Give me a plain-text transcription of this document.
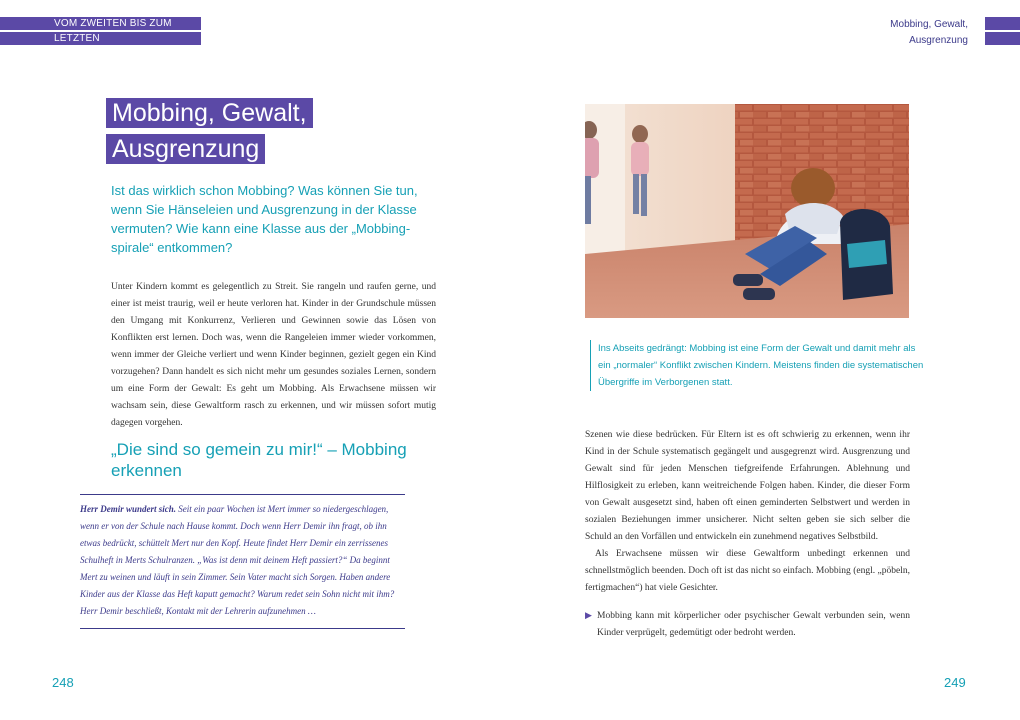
VOM ZWEITEN BIS ZUM
LETZTEN GRUNDSCHULJAHR
Mobbing, Gewalt,
Ausgrenzung
Mobbing, Gewalt,
Ausgrenzung
Ist das wirklich schon Mobbing? Was können Sie tun, wenn Sie Hänseleien und Ausgrenzung in der Klasse vermuten? Wie kann eine Klasse aus der „Mobbing-spirale“ entkommen?
Unter Kindern kommt es gelegentlich zu Streit. Sie rangeln und raufen gerne, und einer ist meist traurig, weil er heute verloren hat. Kinder in der Grundschule müssen den Umgang mit Konkurrenz, Verlieren und Gewinnen sowie das Lösen von Konflikten erst lernen. Doch was, wenn die Rangeleien immer wieder vorkommen, wenn immer der Gleiche verliert und wenn Kinder beginnen, gezielt gegen ein Kind vorzugehen? Dann handelt es sich nicht mehr um gesundes soziales Lernen, sondern um eine Form der Gewalt: Es geht um Mobbing. Als Erwachsene müssen wir wachsam sein, diese Gewaltform rasch zu erkennen, und wir müssen sofort mutig dagegen vorgehen.
„Die sind so gemein zu mir!“ – Mobbing erkennen
Herr Demir wundert sich. Seit ein paar Wochen ist Mert immer so niedergeschlagen, wenn er von der Schule nach Hause kommt. Doch wenn Herr Demir ihn fragt, ob ihn etwas bedrückt, schüttelt Mert nur den Kopf. Heute findet Herr Demir ein zerrissenes Schulheft in Merts Schulranzen. „Was ist denn mit deinem Heft passiert?“ Da beginnt Mert zu weinen und läuft in sein Zimmer. Sein Vater macht sich Sorgen. Haben andere Kinder aus der Klasse das Heft kaputt gemacht? Warum redet sein Sohn nicht mit ihm? Herr Demir beschließt, Kontakt mit der Lehrerin aufzunehmen …
248
Ins Abseits gedrängt: Mobbing ist eine Form der Gewalt und damit mehr als ein „normaler“ Konflikt zwischen Kindern. Meistens finden die systematischen Übergriffe im Verborgenen statt.
Szenen wie diese bedrücken. Für Eltern ist es oft schwierig zu erkennen, wenn ihr Kind in der Schule systematisch gegängelt und ausgegrenzt wird. Ausgrenzung und Gewalt sind für jeden Menschen tiefgreifende Erfahrungen. Ablehnung und Hilflosigkeit zu erleben, kann weitreichende Folgen haben. Kinder, die dieser Form von Gewalt ausgesetzt sind, haben oft einen geminderten Selbstwert und werden in sozialen Beziehungen immer unsicherer. Nicht selten geben sie sich selber die Schuld an den Vorfällen und entwickeln ein zunehmend negatives Selbstbild.
Als Erwachsene müssen wir diese Gewaltform unbedingt erkennen und schnellstmöglich beenden. Doch oft ist das nicht so einfach. Mobbing (engl. „pöbeln, fertigmachen“) hat viele Gesichter.
▶ Mobbing kann mit körperlicher oder psychischer Gewalt verbunden sein, wenn Kinder verprügelt, gedemütigt oder bedroht werden.
249
